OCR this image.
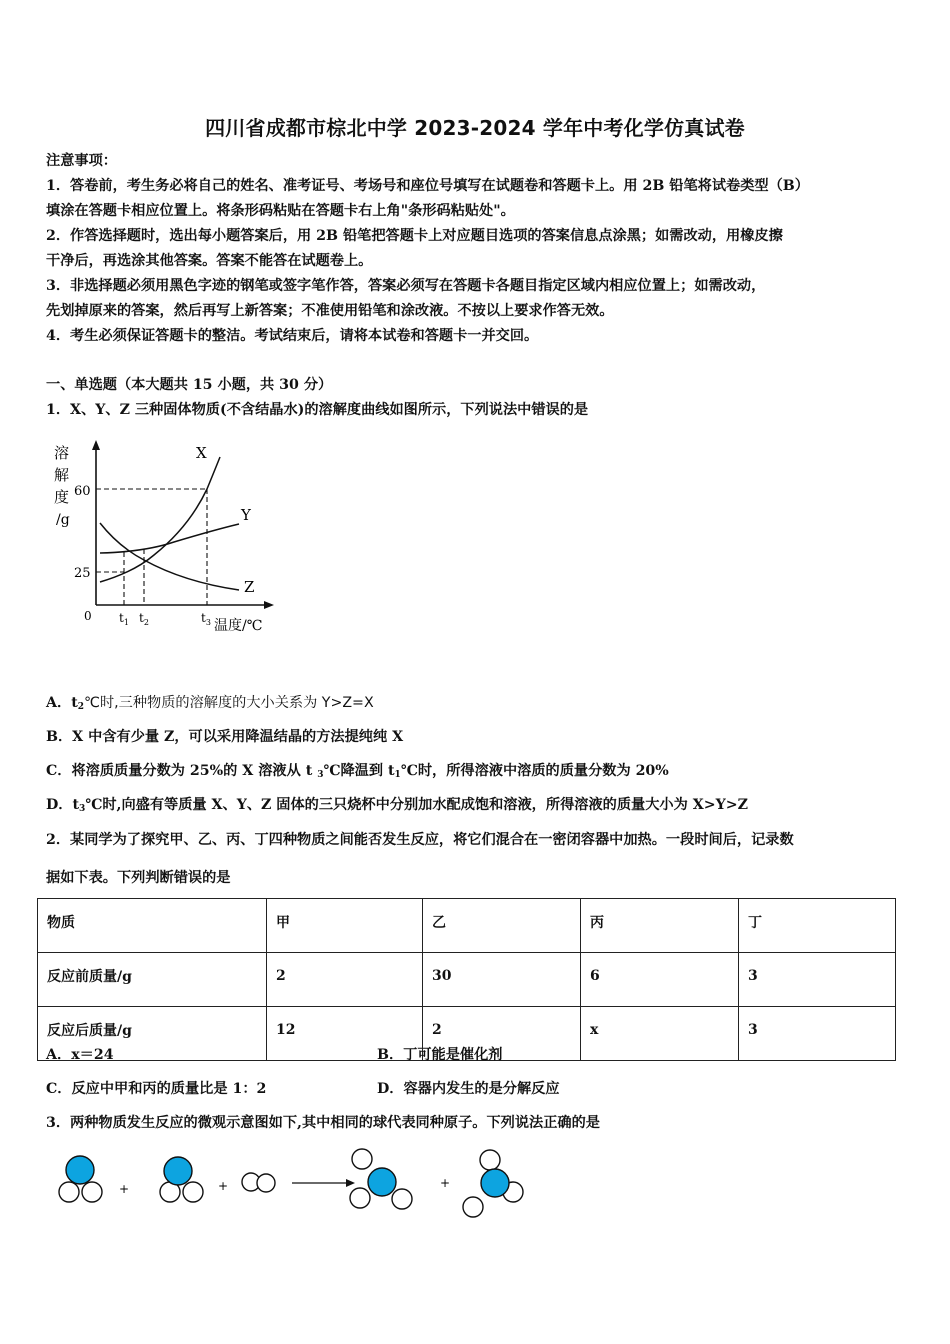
四川省成都市棕北中学 2023-2024 学年中考化学仿真试卷
注意事项：
1．答卷前，考生务必将自己的姓名、准考证号、考场号和座位号填写在试题卷和答题卡上。用 2B 铅笔将试卷类型（B）
填涂在答题卡相应位置上。将条形码粘贴在答题卡右上角"条形码粘贴处"。
2．作答选择题时，选出每小题答案后，用 2B 铅笔把答题卡上对应题目选项的答案信息点涂黑；如需改动，用橡皮擦
干净后，再选涂其他答案。答案不能答在试题卷上。
3．非选择题必须用黑色字迹的钢笔或签字笔作答，答案必须写在答题卡各题目指定区域内相应位置上；如需改动，
先划掉原来的答案，然后再写上新答案；不准使用铅笔和涂改液。不按以上要求作答无效。
4．考生必须保证答题卡的整洁。考试结束后，请将本试卷和答题卡一并交回。
一、单选题（本大题共 15 小题，共 30 分）
1．X、Y、Z 三种固体物质(不含结晶水)的溶解度曲线如图所示，下列说法中错误的是
溶
解
度
/g
60
25
0 $t_1$ $t_2$	$t_3$ 温度/℃
X
Y
Z
A．$t_2℃$时,三种物质的溶解度的大小关系为 Y>Z=X
B．X 中含有少量 Z，可以采用降温结晶的方法提纯纯 X
C．将溶质质量分数为 25%的 X 溶液从 t $_3$℃降温到 $t_1℃$时，所得溶液中溶质的质量分数为 20%
D．$t_3℃$时,向盛有等质量 X、Y、Z 固体的三只烧杯中分别加水配成饱和溶液，所得溶液的质量大小为 X>Y>Z
2．某同学为了探究甲、乙、丙、丁四种物质之间能否发生反应，将它们混合在一密闭容器中加热。一段时间后，记录数
据如下表。下列判断错误的是
物质	甲	乙	丙	丁
反应前质量/g	2	30	6	3
反应后质量/g	12	2	x	3
A．x＝24	B．丁可能是催化剂
C．反应中甲和丙的质量比是 1：2	D．容器内发生的是分解反应
3．两种物质发生反应的微观示意图如下,其中相同的球代表同种原子。下列说法正确的是
+	+	+
